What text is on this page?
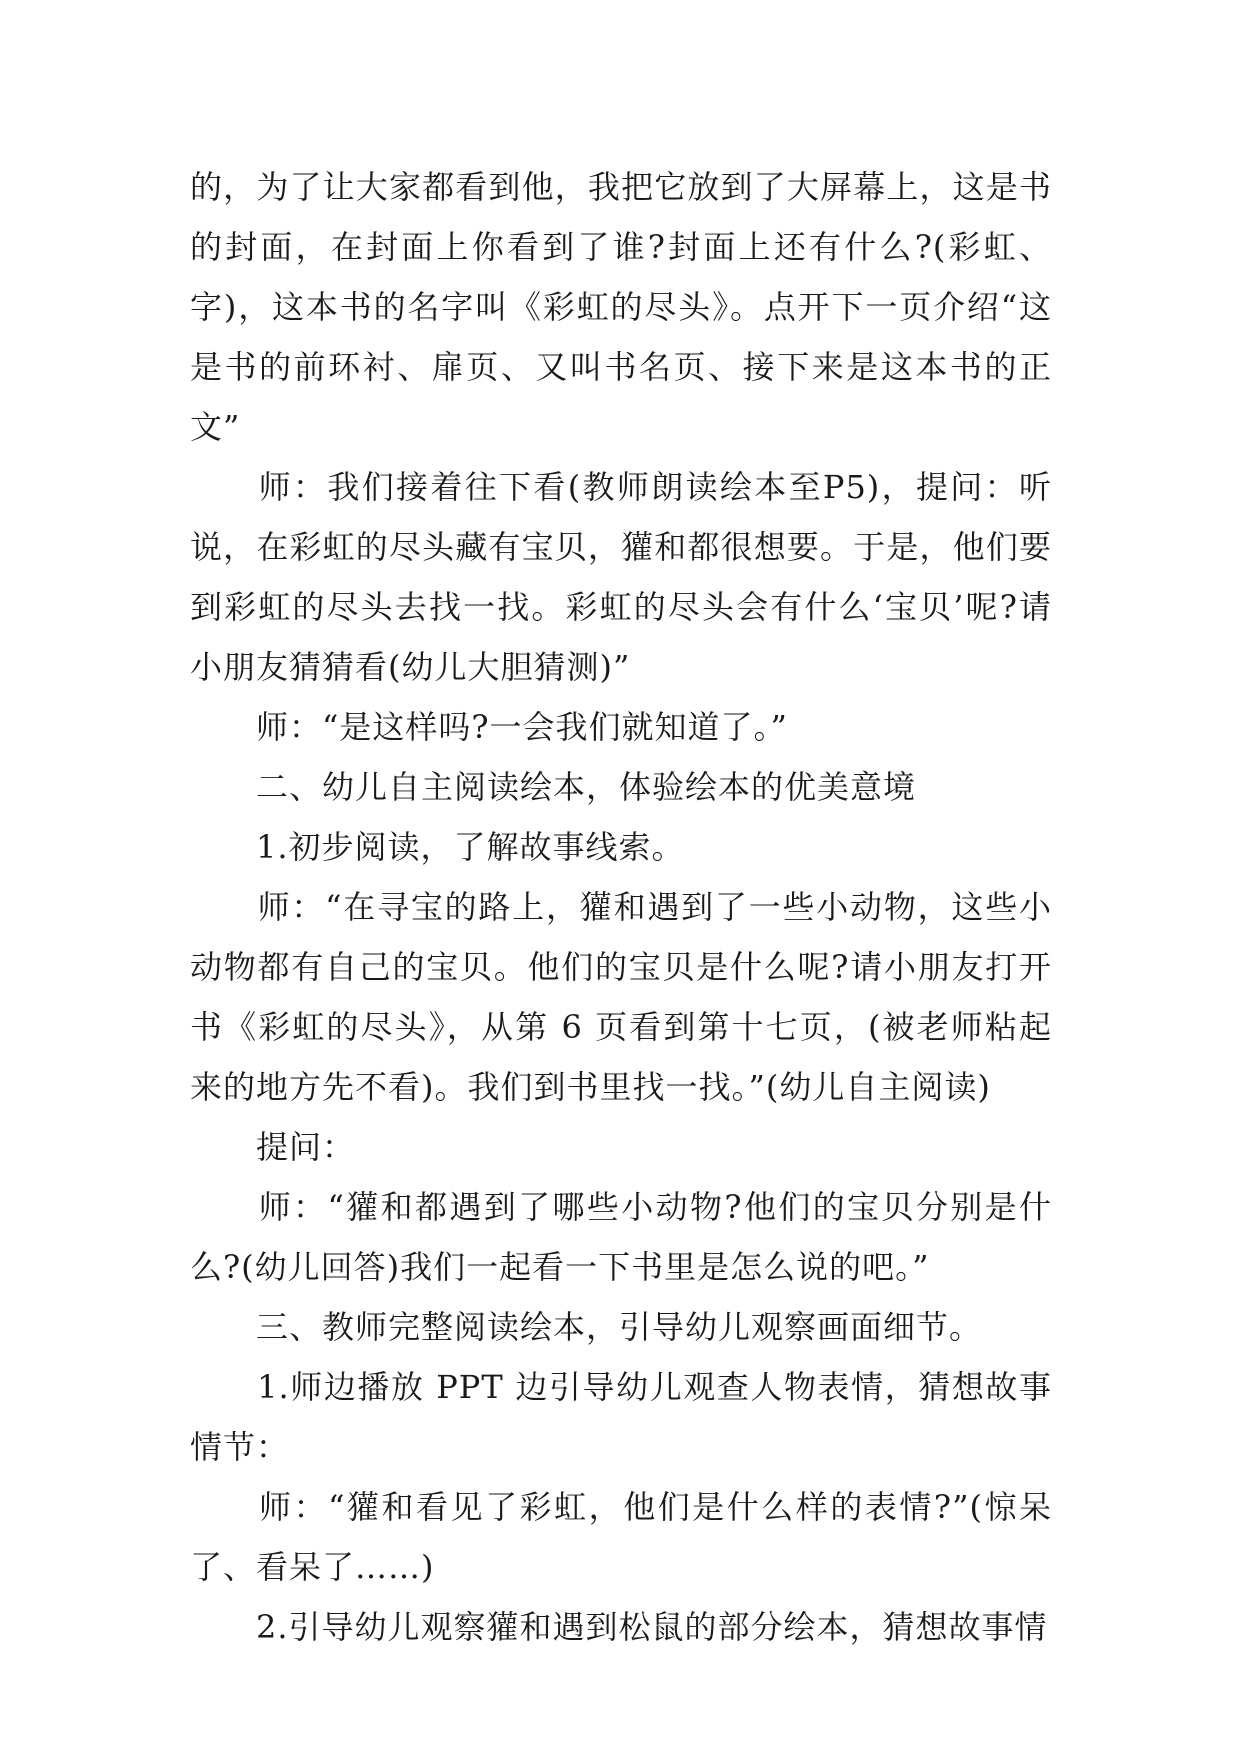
的，为了让大家都看到他，我把它放到了大屏幕上，这是书的封面，在封面上你看到了谁?封面上还有什么?(彩虹、字)，这本书的名字叫《彩虹的尽头》。点开下一页介绍“这是书的前环衬、扉页、又叫书名页、接下来是这本书的正文”

　　师：我们接着往下看(教师朗读绘本至P5)，提问：听说，在彩虹的尽头藏有宝贝，獾和都很想要。于是，他们要到彩虹的尽头去找一找。彩虹的尽头会有什么‘宝贝’呢?请小朋友猜猜看(幼儿大胆猜测)”

　　师：“是这样吗?一会我们就知道了。”

　　二、幼儿自主阅读绘本，体验绘本的优美意境

　　1.初步阅读，了解故事线索。

　　师：“在寻宝的路上，獾和遇到了一些小动物，这些小动物都有自己的宝贝。他们的宝贝是什么呢?请小朋友打开书《彩虹的尽头》，从第 6 页看到第十七页，(被老师粘起来的地方先不看)。我们到书里找一找。”(幼儿自主阅读)

　　提问：

　　师：“獾和都遇到了哪些小动物?他们的宝贝分别是什么?(幼儿回答)我们一起看一下书里是怎么说的吧。”

　　三、教师完整阅读绘本，引导幼儿观察画面细节。

　　1.师边播放 PPT 边引导幼儿观查人物表情，猜想故事情节：

　　师：“獾和看见了彩虹，他们是什么样的表情?”(惊呆了、看呆了……)

　　2.引导幼儿观察獾和遇到松鼠的部分绘本，猜想故事情
